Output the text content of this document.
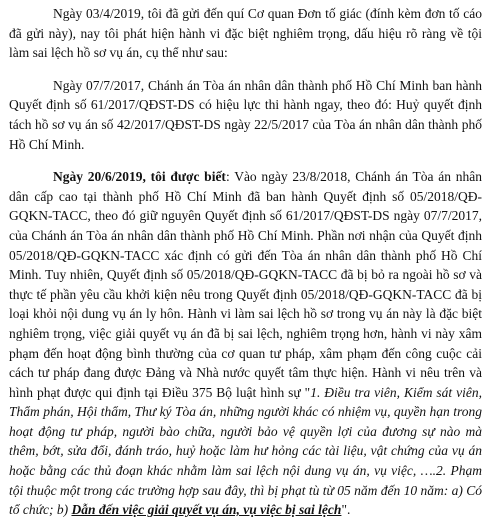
Ngày 03/4/2019, tôi đã gửi đến quí Cơ quan Đơn tố giác (đính kèm đơn tố cáo đã gửi này), nay tôi phát hiện hành vi đặc biệt nghiêm trọng, dấu hiệu rõ ràng về tội làm sai lệch hồ sơ vụ án, cụ thể như sau:

Ngày 07/7/2017, Chánh án Tòa án nhân dân thành phố Hồ Chí Minh ban hành Quyết định số 61/2017/QĐST-DS có hiệu lực thi hành ngay, theo đó: Huỷ quyết định tách hồ sơ vụ án số 42/2017/QĐST-DS ngày 22/5/2017 của Tòa án nhân dân thành phố Hồ Chí Minh.

Ngày 20/6/2019, tôi được biết: Vào ngày 23/8/2018, Chánh án Tòa án nhân dân cấp cao tại thành phố Hồ Chí Minh đã ban hành Quyết định số 05/2018/QĐ-GQKN-TACC, theo đó giữ nguyên Quyết định số 61/2017/QĐST-DS ngày 07/7/2017, của Chánh án Tòa án nhân dân thành phố Hồ Chí Minh. Phần nơi nhận của Quyết định 05/2018/QĐ-GQKN-TACC xác định có gửi đến Tòa án nhân dân thành phố Hồ Chí Minh. Tuy nhiên, Quyết định số 05/2018/QĐ-GQKN-TACC đã bị bỏ ra ngoài hồ sơ và thực tế phần yêu cầu khởi kiện nêu trong Quyết định 05/2018/QĐ-GQKN-TACC đã bị loại khỏi nội dung vụ án ly hôn. Hành vi làm sai lệch hồ sơ trong vụ án này là đặc biệt nghiêm trọng, việc giải quyết vụ án đã bị sai lệch, nghiêm trọng hơn, hành vi này xâm phạm đến hoạt động bình thường của cơ quan tư pháp, xâm phạm đến công cuộc cải cách tư pháp đang được Đảng và Nhà nước quyết tâm thực hiện. Hành vi nêu trên và hình phạt được qui định tại Điều 375 Bộ luật hình sự "1. Điều tra viên, Kiểm sát viên, Thẩm phán, Hội thẩm, Thư ký Tòa án, những người khác có nhiệm vụ, quyền hạn trong hoạt động tư pháp, người bào chữa, người bảo vệ quyền lợi của đương sự nào mà thêm, bớt, sửa đổi, đánh tráo, huỷ hoặc làm hư hỏng các tài liệu, vật chứng của vụ án hoặc bằng các thủ đoạn khác nhằm làm sai lệch nội dung vụ án, vụ việc, ….2. Phạm tội thuộc một trong các trường hợp sau đây, thì bị phạt tù từ 05 năm đến 10 năm: a) Có tổ chức; b) Dẫn đến việc giải quyết vụ án, vụ việc bị sai lệch".
